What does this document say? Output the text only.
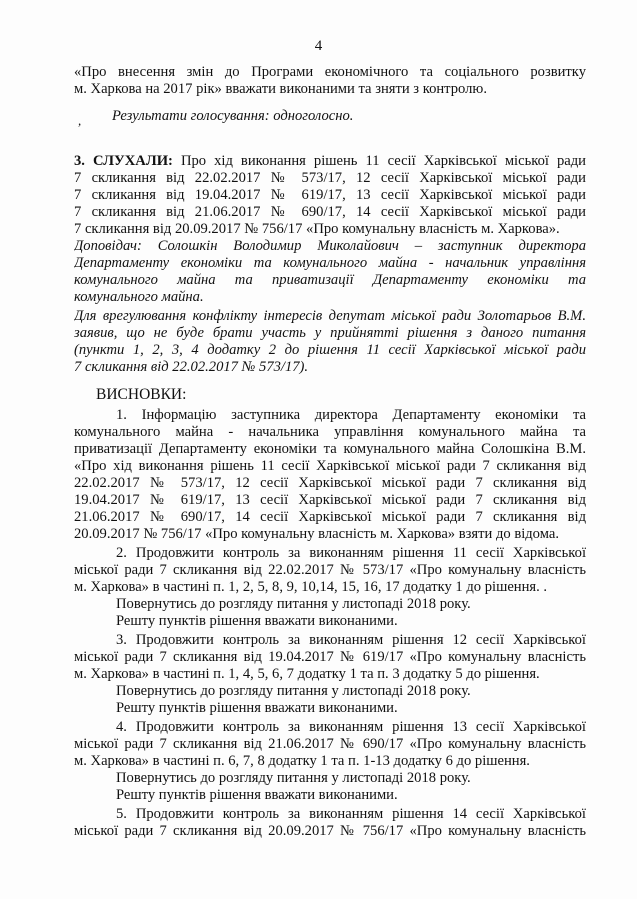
4
«Про внесення змін до Програми економічного та соціального розвитку
м. Харкова на 2017 рік» вважати виконаними та зняти з контролю.
, Результати голосування: одноголосно.
3. СЛУХАЛИ: Про хід виконання рішень 11 сесії Харківської міської ради
7 скликання від 22.02.2017 № 573/17, 12 сесії Харківської міської ради
7 скликання від 19.04.2017 № 619/17, 13 сесії Харківської міської ради
7 скликання від 21.06.2017 № 690/17, 14 сесії Харківської міської ради
7 скликання від 20.09.2017 № 756/17 «Про комунальну власність м. Харкова».
Доповідач: Солошкін Володимир Миколайович – заступник директора
Департаменту економіки та комунального майна - начальник управління
комунального майна та приватизації Департаменту економіки та
комунального майна.
Для врегулювання конфлікту інтересів депутат міської ради Золотарьов В.М.
заявив, що не буде брати участь у прийнятті рішення з даного питання
(пункти 1, 2, 3, 4 додатку 2 до рішення 11 сесії Харківської міської ради
7 скликання від 22.02.2017 № 573/17).
ВИСНОВКИ:
1. Інформацію заступника директора Департаменту економіки та
комунального майна - начальника управління комунального майна та
приватизації Департаменту економіки та комунального майна Солошкіна В.М.
«Про хід виконання рішень 11 сесії Харківської міської ради 7 скликання від
22.02.2017 № 573/17, 12 сесії Харківської міської ради 7 скликання від
19.04.2017 № 619/17, 13 сесії Харківської міської ради 7 скликання від
21.06.2017 № 690/17, 14 сесії Харківської міської ради 7 скликання від
20.09.2017 № 756/17 «Про комунальну власність м. Харкова» взяти до відома.
2. Продовжити контроль за виконанням рішення 11 сесії Харківської
міської ради 7 скликання від 22.02.2017 № 573/17 «Про комунальну власність
м. Харкова» в частині п. 1, 2, 5, 8, 9, 10,14, 15, 16, 17 додатку 1 до рішення. .
Повернутись до розгляду питання у листопаді 2018 року.
Решту пунктів рішення вважати виконаними.
3. Продовжити контроль за виконанням рішення 12 сесії Харківської
міської ради 7 скликання від 19.04.2017 № 619/17 «Про комунальну власність
м. Харкова» в частині п. 1, 4, 5, 6, 7 додатку 1 та п. 3 додатку 5 до рішення.
Повернутись до розгляду питання у листопаді 2018 року.
Решту пунктів рішення вважати виконаними.
4. Продовжити контроль за виконанням рішення 13 сесії Харківської
міської ради 7 скликання від 21.06.2017 № 690/17 «Про комунальну власність
м. Харкова» в частині п. 6, 7, 8 додатку 1 та п. 1-13 додатку 6 до рішення.
Повернутись до розгляду питання у листопаді 2018 року.
Решту пунктів рішення вважати виконаними.
5. Продовжити контроль за виконанням рішення 14 сесії Харківської
міської ради 7 скликання від 20.09.2017 № 756/17 «Про комунальну власність
